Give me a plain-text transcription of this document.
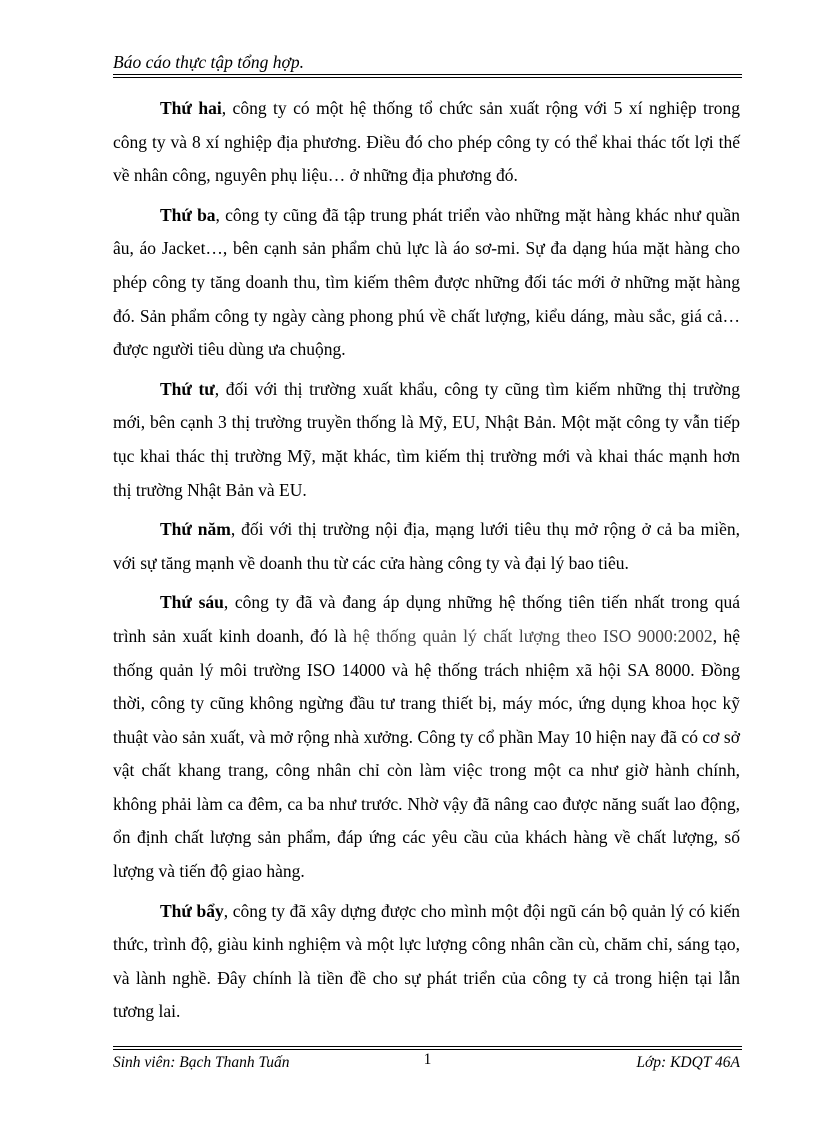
Báo cáo thực tập tổng hợp.

Thứ hai, công ty có một hệ thống tổ chức sản xuất rộng với 5 xí nghiệp trong công ty và 8 xí nghiệp địa phương. Điều đó cho phép công ty có thể khai thác tốt lợi thế về nhân công, nguyên phụ liệu… ở những địa phương đó.

Thứ ba, công ty cũng đã tập trung phát triển vào những mặt hàng khác như quần âu, áo Jacket…, bên cạnh sản phẩm chủ lực là áo sơ-mi. Sự đa dạng húa mặt hàng cho phép công ty tăng doanh thu, tìm kiếm thêm được những đối tác mới ở những mặt hàng đó. Sản phẩm công ty ngày càng phong phú về chất lượng, kiểu dáng, màu sắc, giá cả…được người tiêu dùng ưa chuộng.

Thứ tư, đối với thị trường xuất khẩu, công ty cũng tìm kiếm những thị trường mới, bên cạnh 3 thị trường truyền thống là Mỹ, EU, Nhật Bản. Một mặt công ty vẫn tiếp tục khai thác thị trường Mỹ, mặt khác, tìm kiếm thị trường mới và khai thác mạnh hơn thị trường Nhật Bản và EU.

Thứ năm, đối với thị trường nội địa, mạng lưới tiêu thụ mở rộng ở cả ba miền, với sự tăng mạnh về doanh thu từ các cửa hàng công ty và đại lý bao tiêu.

Thứ sáu, công ty đã và đang áp dụng những hệ thống tiên tiến nhất trong quá trình sản xuất kinh doanh, đó là hệ thống quản lý chất lượng theo ISO 9000:2002, hệ thống quản lý môi trường ISO 14000 và hệ thống trách nhiệm xã hội SA 8000. Đồng thời, công ty cũng không ngừng đầu tư trang thiết bị, máy móc, ứng dụng khoa học kỹ thuật vào sản xuất, và mở rộng nhà xưởng. Công ty cổ phần May 10 hiện nay đã có cơ sở vật chất khang trang, công nhân chỉ còn làm việc trong một ca như giờ hành chính, không phải làm ca đêm, ca ba như trước. Nhờ vậy đã nâng cao được năng suất lao động, ổn định chất lượng sản phẩm, đáp ứng các yêu cầu của khách hàng về chất lượng, số lượng và tiến độ giao hàng.

Thứ bẩy, công ty đã xây dựng được cho mình một đội ngũ cán bộ quản lý có kiến thức, trình độ, giàu kinh nghiệm và một lực lượng công nhân cần cù, chăm chỉ, sáng tạo, và lành nghề. Đây chính là tiền đề cho sự phát triển của công ty cả trong hiện tại lẫn tương lai.

Sinh viên: Bạch Thanh Tuấn	1	Lớp: KDQT 46A
